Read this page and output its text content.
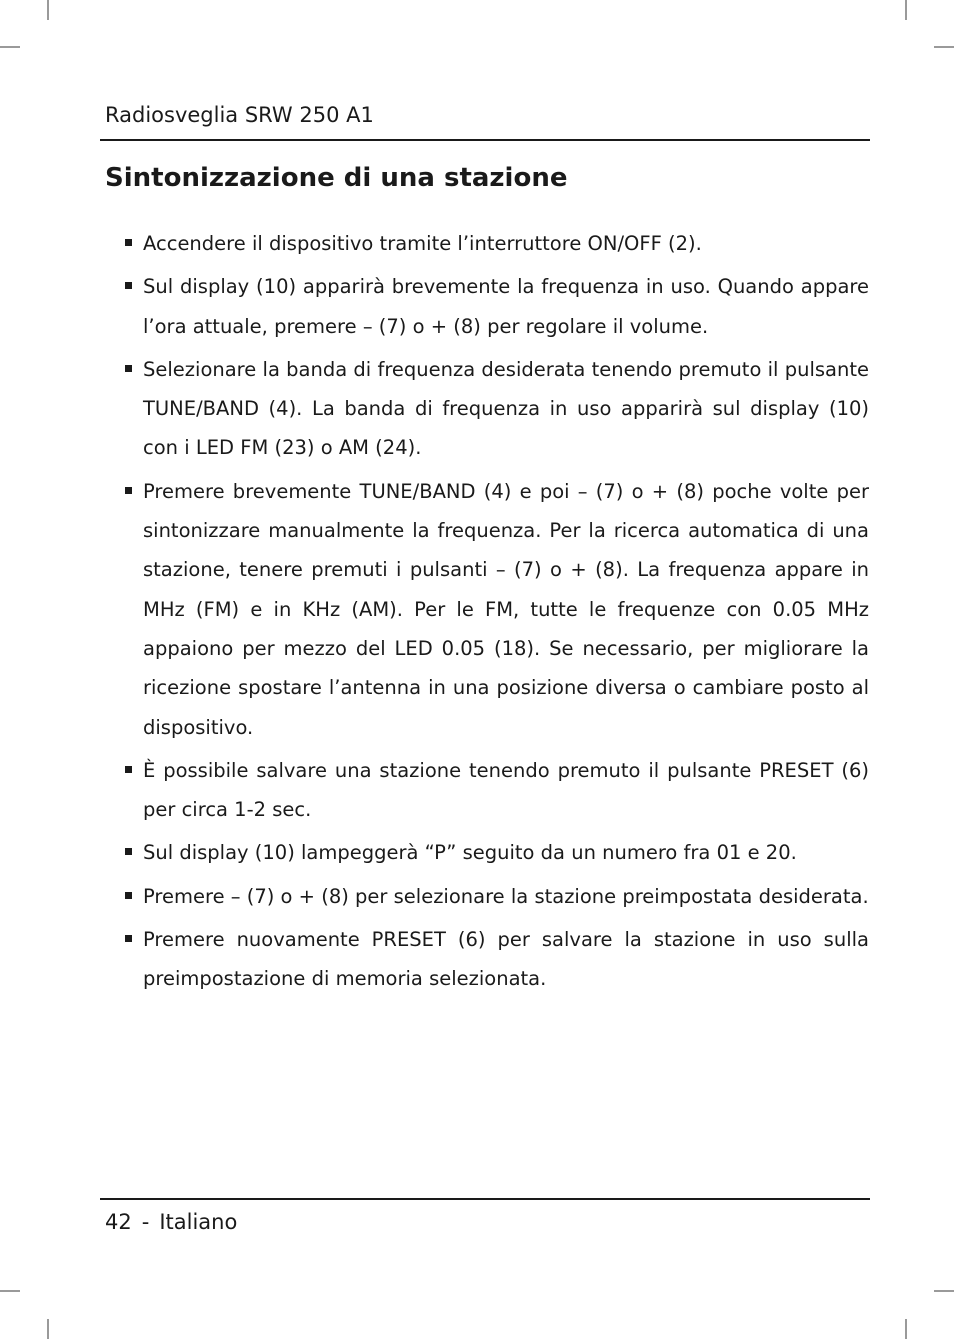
Radiosveglia SRW 250 A1
Sintonizzazione di una stazione
Accendere il dispositivo tramite l’interruttore ON/OFF (2).
Sul display (10) apparirà brevemente la frequenza in uso. Quando appare l’ora attuale, premere – (7) o + (8) per regolare il volume.
Selezionare la banda di frequenza desiderata tenendo premuto il pulsante TUNE/BAND (4). La banda di frequenza in uso apparirà sul display (10) con i LED FM (23) o AM (24).
Premere brevemente TUNE/BAND (4) e poi – (7) o + (8) poche volte per sintonizzare manualmente la frequenza. Per la ricerca automatica di una stazione, tenere premuti i pulsanti – (7) o + (8). La frequenza appare in MHz (FM) e in KHz (AM). Per le FM, tutte le frequenze con 0.05 MHz appaiono per mezzo del LED 0.05 (18). Se necessario, per migliorare la ricezione spostare l’antenna in una posizione diversa o cambiare posto al dispositivo.
È possibile salvare una stazione tenendo premuto il pulsante PRESET (6) per circa 1-2 sec.
Sul display (10) lampeggerà “P” seguito da un numero fra 01 e 20.
Premere – (7) o + (8) per selezionare la stazione preimpostata desiderata.
Premere nuovamente PRESET (6) per salvare la stazione in uso sulla preimpostazione di memoria selezionata.
42 - Italiano
